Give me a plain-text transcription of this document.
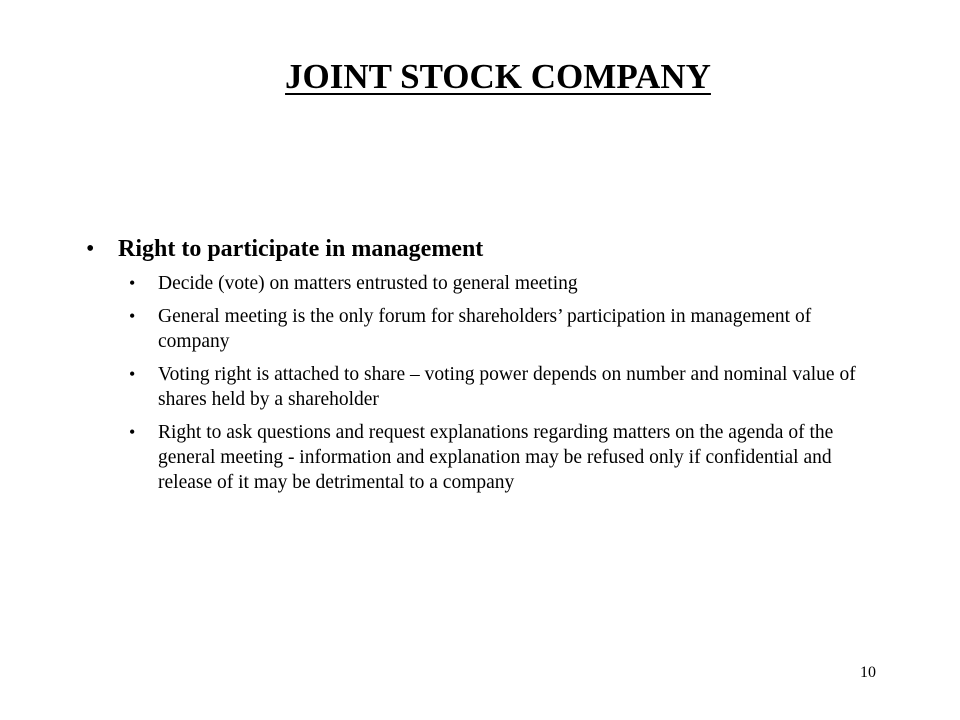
JOINT STOCK COMPANY
• Right to participate in management
• Decide (vote) on matters entrusted to general meeting
• General meeting is the only forum for shareholders’ participation in management of company
• Voting right is attached to share – voting power depends on number and nominal value of shares held by a shareholder
• Right to ask questions and request explanations regarding matters on the agenda of the general meeting - information and explanation may be refused only if confidential and release of it may be detrimental to a company
10
